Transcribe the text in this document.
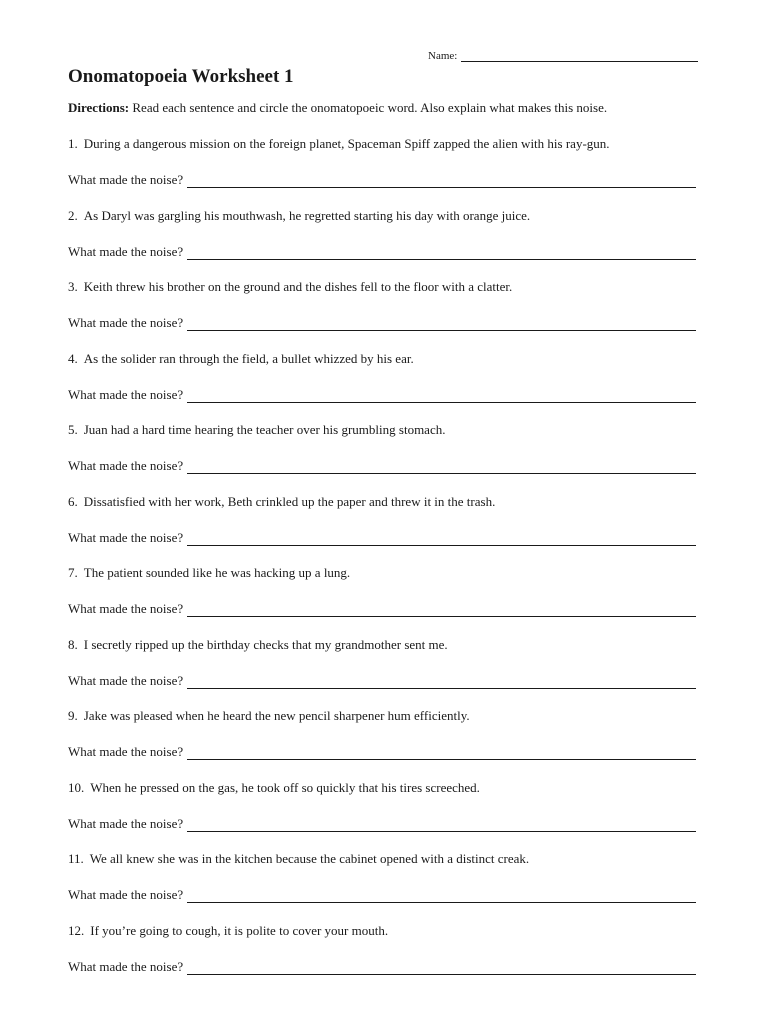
Name:
Onomatopoeia Worksheet 1

Directions: Read each sentence and circle the onomatopoeic word. Also explain what makes this noise.

1. During a dangerous mission on the foreign planet, Spaceman Spiff zapped the alien with his ray-gun.
What made the noise?
2. As Daryl was gargling his mouthwash, he regretted starting his day with orange juice.
What made the noise?
3. Keith threw his brother on the ground and the dishes fell to the floor with a clatter.
What made the noise?
4. As the solider ran through the field, a bullet whizzed by his ear.
What made the noise?
5. Juan had a hard time hearing the teacher over his grumbling stomach.
What made the noise?
6. Dissatisfied with her work, Beth crinkled up the paper and threw it in the trash.
What made the noise?
7. The patient sounded like he was hacking up a lung.
What made the noise?
8. I secretly ripped up the birthday checks that my grandmother sent me.
What made the noise?
9. Jake was pleased when he heard the new pencil sharpener hum efficiently.
What made the noise?
10. When he pressed on the gas, he took off so quickly that his tires screeched.
What made the noise?
11. We all knew she was in the kitchen because the cabinet opened with a distinct creak.
What made the noise?
12. If you’re going to cough, it is polite to cover your mouth.
What made the noise?
